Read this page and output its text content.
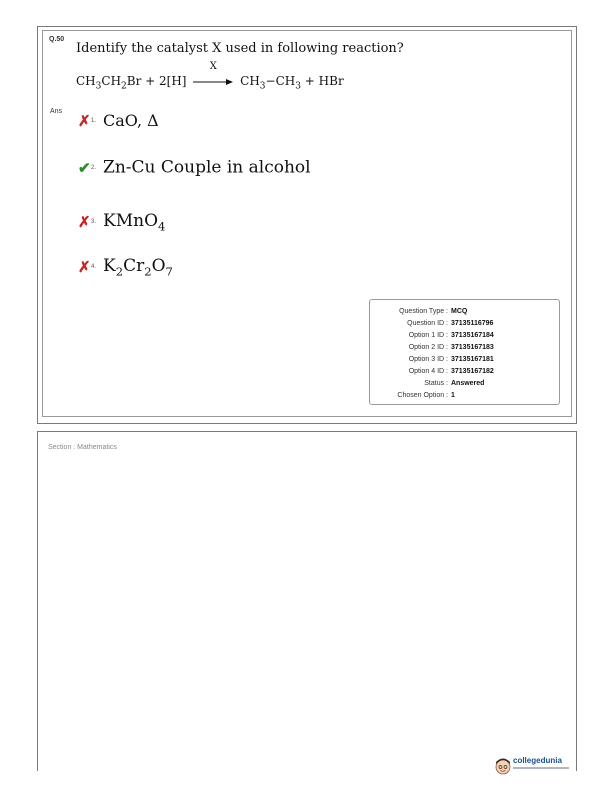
Q.50
Identify the catalyst X used in following reaction?
$CH_3CH_2Br + 2[H]$
X
$CH_3-CH_3$ + HBr
Ans ✗1. CaO, Δ
✔2. Zn-Cu Couple in alcohol
✗3. KMnO$_4$
✗4. $K_2Cr_2O_7$
Question Type : MCQ
Question ID : 37135116796
Option 1 ID : 37135167184
Option 2 ID : 37135167183
Option 3 ID : 37135167181
Option 4 ID : 37135167182
Status : Answered
Chosen Option : 1
Section : Mathematics
collegedunia
